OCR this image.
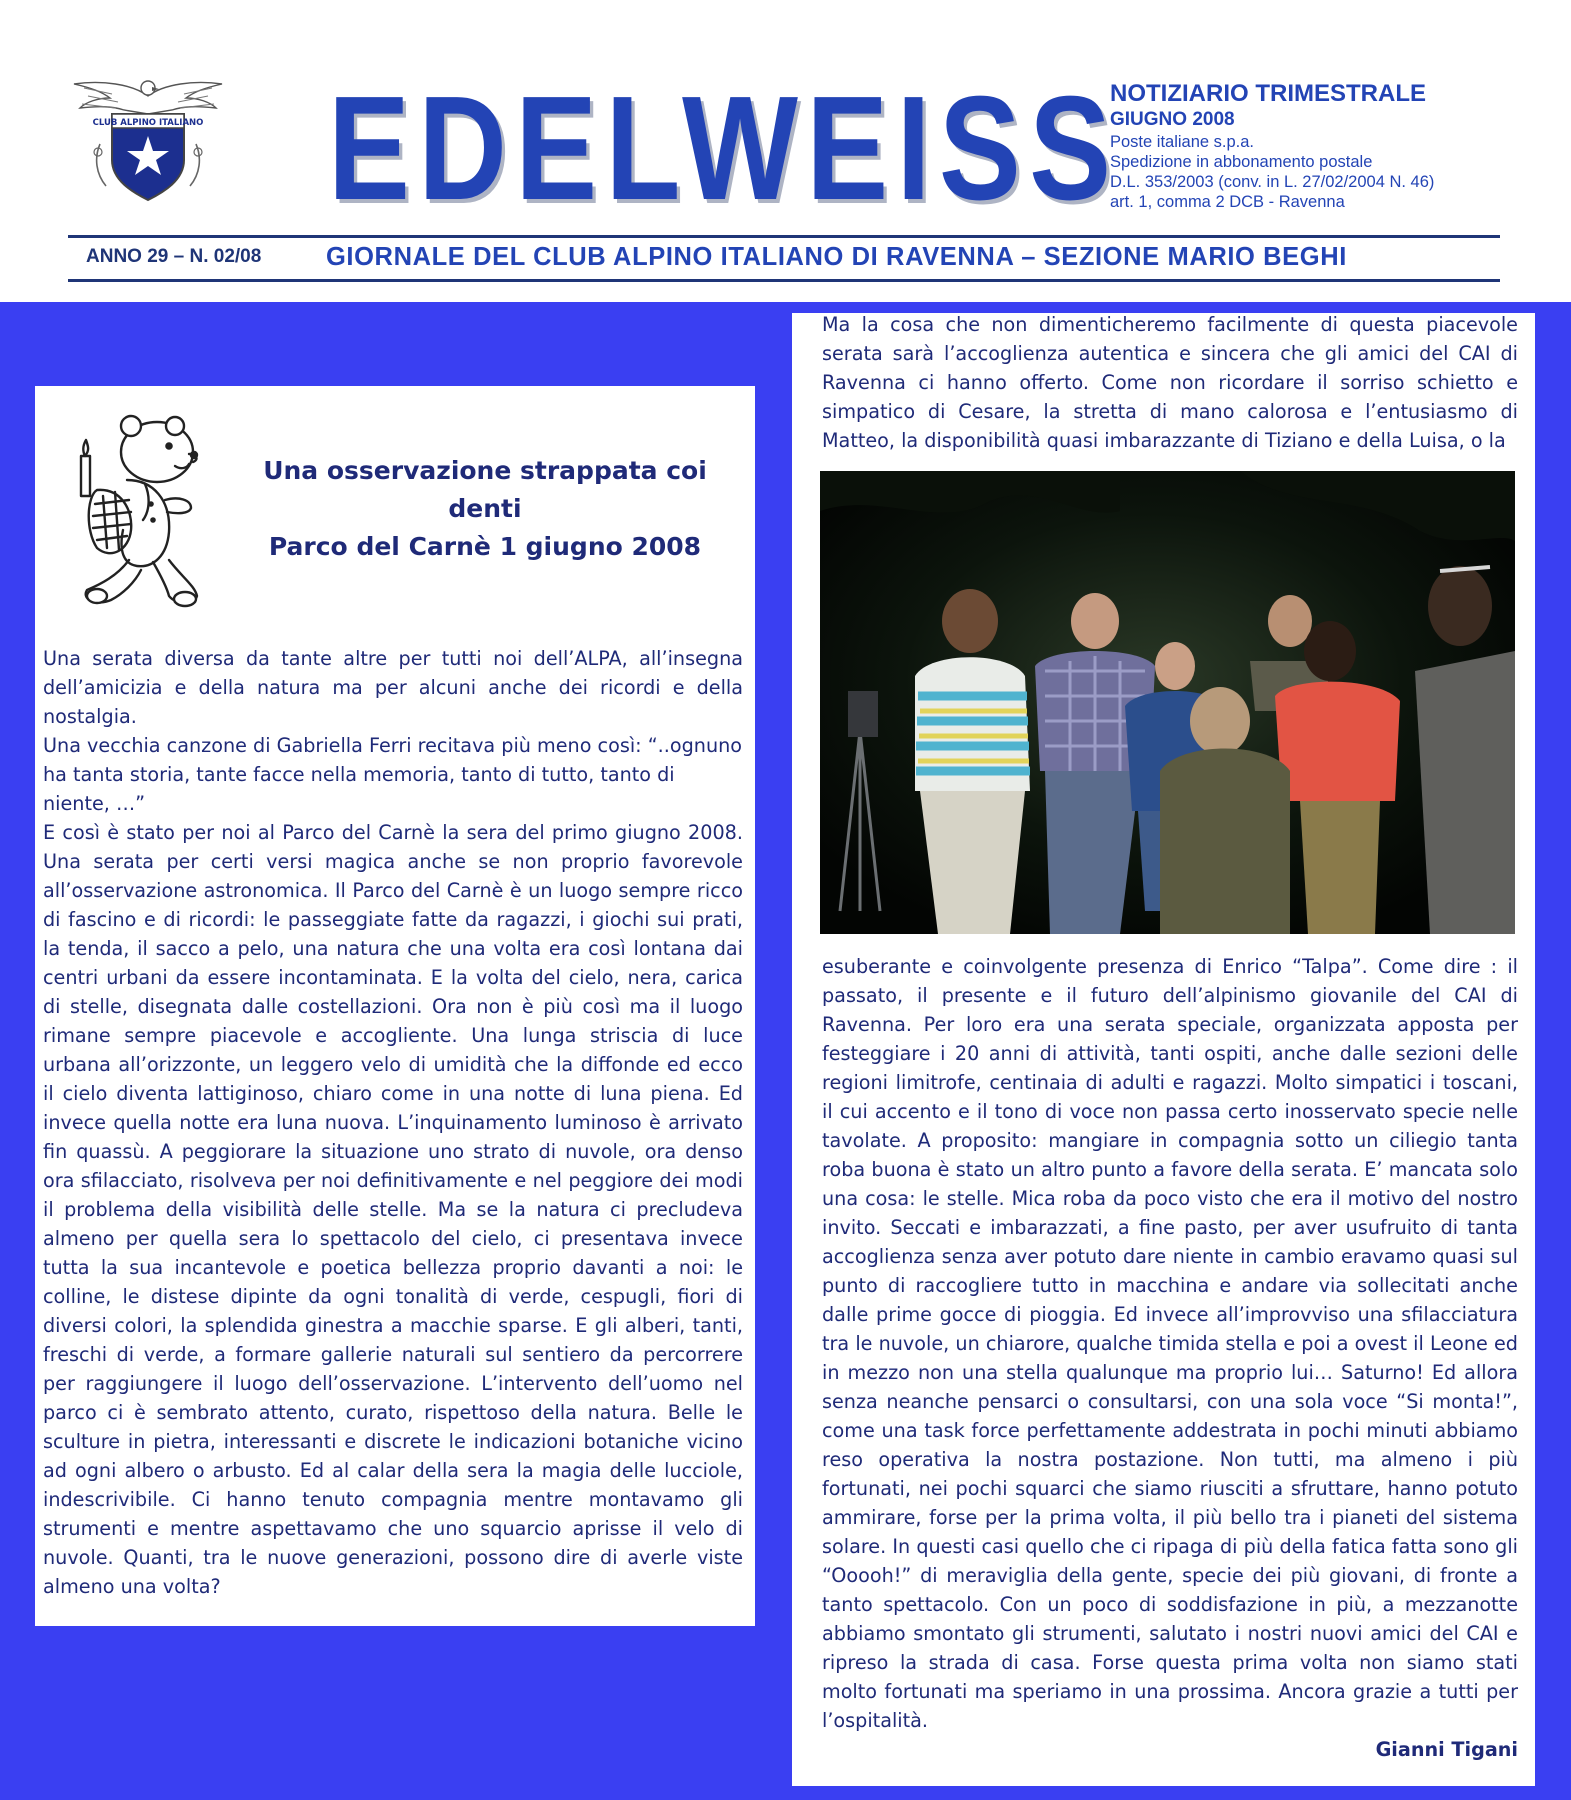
CLUB ALPINO ITALIANO EDELWEISS
NOTIZIARIO TRIMESTRALE
GIUGNO 2008
Poste italiane s.p.a.
Spedizione in abbonamento postale
D.L. 353/2003 (conv. in L. 27/02/2004 N. 46)
art. 1, comma 2 DCB - Ravenna
ANNO 29 – N. 02/08	GIORNALE DEL CLUB ALPINO ITALIANO DI RAVENNA – SEZIONE MARIO BEGHI
Una osservazione strappata coi denti
Parco del Carnè 1 giugno 2008

Una serata diversa da tante altre per tutti noi dell’ALPA, all’insegna dell’amicizia e della natura ma per alcuni anche dei ricordi e della nostalgia.

Una vecchia canzone di Gabriella Ferri recitava più meno così: “..ognuno ha tanta storia, tante facce nella memoria, tanto di tutto, tanto di niente, …”

E così è stato per noi al Parco del Carnè la sera del primo giugno 2008. Una serata per certi versi magica anche se non proprio favorevole all’osservazione astronomica. Il Parco del Carnè è un luogo sempre ricco di fascino e di ricordi: le passeggiate fatte da ragazzi, i giochi sui prati, la tenda, il sacco a pelo, una natura che una volta era così lontana dai centri urbani da essere incontaminata. E la volta del cielo, nera, carica di stelle, disegnata dalle costellazioni. Ora non è più così ma il luogo rimane sempre piacevole e accogliente. Una lunga striscia di luce urbana all’orizzonte, un leggero velo di umidità che la diffonde ed ecco il cielo diventa lattiginoso, chiaro come in una notte di luna piena. Ed invece quella notte era luna nuova. L’inquinamento luminoso è arrivato fin quassù. A peggiorare la situazione uno strato di nuvole, ora denso ora sfilacciato, risolveva per noi definitivamente e nel peggiore dei modi il problema della visibilità delle stelle. Ma se la natura ci precludeva almeno per quella sera lo spettacolo del cielo, ci presentava invece tutta la sua incantevole e poetica bellezza proprio davanti a noi: le colline, le distese dipinte da ogni tonalità di verde, cespugli, fiori di diversi colori, la splendida ginestra a macchie sparse. E gli alberi, tanti, freschi di verde, a formare gallerie naturali sul sentiero da percorrere per raggiungere il luogo dell’osservazione. L’intervento dell’uomo nel parco ci è sembrato attento, curato, rispettoso della natura. Belle le sculture in pietra, interessanti e discrete le indicazioni botaniche vicino ad ogni albero o arbusto. Ed al calar della sera la magia delle lucciole, indescrivibile. Ci hanno tenuto compagnia mentre montavamo gli strumenti e mentre aspettavamo che uno squarcio aprisse il velo di nuvole. Quanti, tra le nuove generazioni, possono dire di averle viste almeno una volta?

Ma la cosa che non dimenticheremo facilmente di questa piacevole serata sarà l’accoglienza autentica e sincera che gli amici del CAI di Ravenna ci hanno offerto. Come non ricordare il sorriso schietto e simpatico di Cesare, la stretta di mano calorosa e l’entusiasmo di Matteo, la disponibilità quasi imbarazzante di Tiziano e della Luisa, o la

esuberante e coinvolgente presenza di Enrico “Talpa”. Come dire : il passato, il presente e il futuro dell’alpinismo giovanile del CAI di Ravenna. Per loro era una serata speciale, organizzata apposta per festeggiare i 20 anni di attività, tanti ospiti, anche dalle sezioni delle regioni limitrofe, centinaia di adulti e ragazzi. Molto simpatici i toscani, il cui accento e il tono di voce non passa certo inosservato specie nelle tavolate. A proposito: mangiare in compagnia sotto un ciliegio tanta roba buona è stato un altro punto a favore della serata. E’ mancata solo una cosa: le stelle. Mica roba da poco visto che era il motivo del nostro invito. Seccati e imbarazzati, a fine pasto, per aver usufruito di tanta accoglienza senza aver potuto dare niente in cambio eravamo quasi sul punto di raccogliere tutto in macchina e andare via sollecitati anche dalle prime gocce di pioggia. Ed invece all’improvviso una sfilacciatura tra le nuvole, un chiarore, qualche timida stella e poi a ovest il Leone ed in mezzo non una stella qualunque ma proprio lui… Saturno! Ed allora senza neanche pensarci o consultarsi, con una sola voce “Si monta!”, come una task force perfettamente addestrata in pochi minuti abbiamo reso operativa la nostra postazione. Non tutti, ma almeno i più fortunati, nei pochi squarci che siamo riusciti a sfruttare, hanno potuto ammirare, forse per la prima volta, il più bello tra i pianeti del sistema solare. In questi casi quello che ci ripaga di più della fatica fatta sono gli “Ooooh!” di meraviglia della gente, specie dei più giovani, di fronte a tanto spettacolo. Con un poco di soddisfazione in più, a mezzanotte abbiamo smontato gli strumenti, salutato i nostri nuovi amici del CAI e ripreso la strada di casa. Forse questa prima volta non siamo stati molto fortunati ma speriamo in una prossima. Ancora grazie a tutti per l’ospitalità.

Gianni Tigani
